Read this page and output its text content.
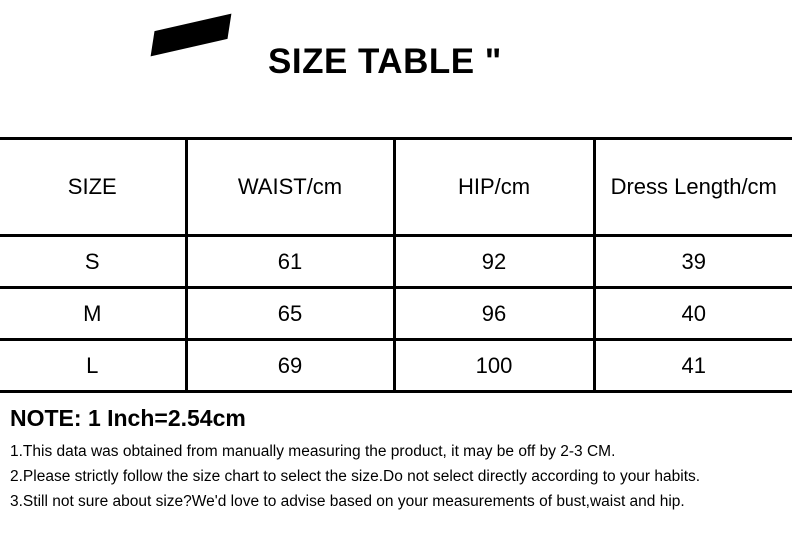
SIZE TABLE "
SIZE	WAIST/cm	HIP/cm	Dress Length/cm
S	61	92	39
M	65	96	40
L	69	100	41
NOTE: 1 Inch=2.54cm
1.This data was obtained from manually measuring the product, it may be off by 2-3 CM.
2.Please strictly follow the size chart to select the size.Do not select directly according to your habits.
3.Still not sure about size?We'd love to advise based on your measurements of bust,waist and hip.
